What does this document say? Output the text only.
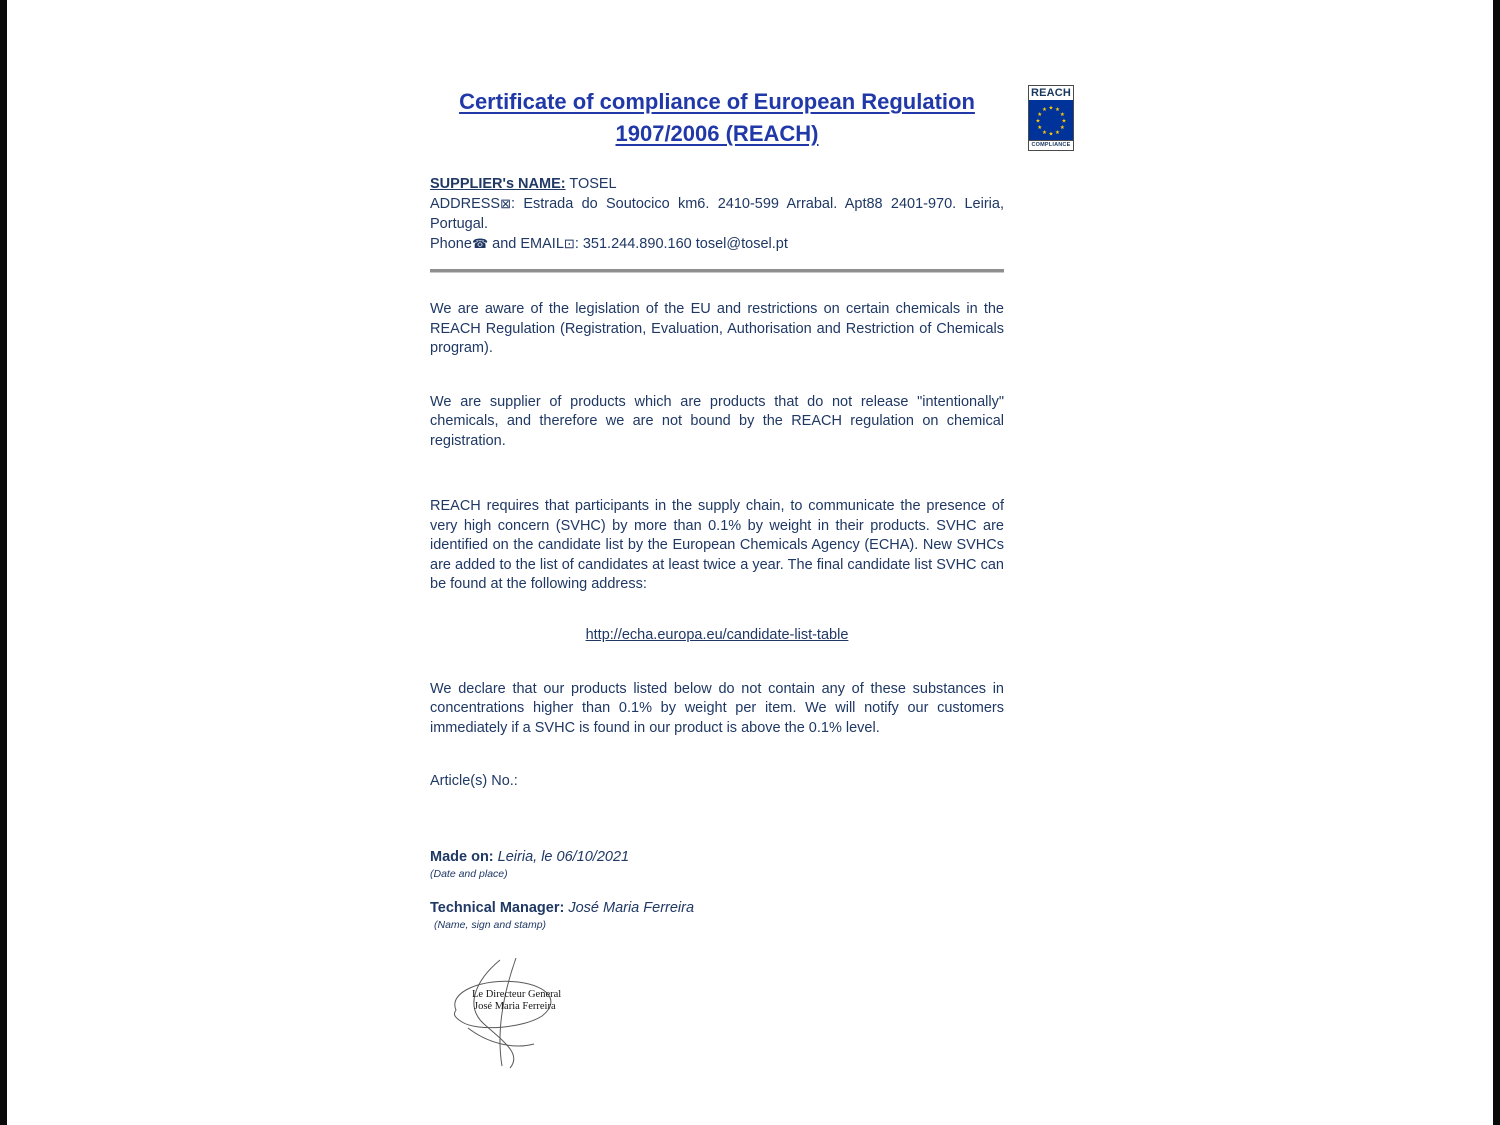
REACH
★ ★
★
★
★
★
★
★
★
★
★
★
COMPLIANCE
Certificate of compliance of European Regulation
1907/2006 (REACH)

SUPPLIER's NAME: TOSEL

ADDRESS⊠: Estrada do Soutocico km6. 2410-599 Arrabal. Apt88 2401-970. Leiria, Portugal.

Phone☎ and EMAIL⊡: 351.244.890.160 tosel@tosel.pt

We are aware of the legislation of the EU and restrictions on certain chemicals in the REACH Regulation (Registration, Evaluation, Authorisation and Restriction of Chemicals program).

We are supplier of products which are products that do not release "intentionally" chemicals, and therefore we are not bound by the REACH regulation on chemical registration.

REACH requires that participants in the supply chain, to communicate the presence of very high concern (SVHC) by more than 0.1% by weight in their products. SVHC are identified on the candidate list by the European Chemicals Agency (ECHA). New SVHCs are added to the list of candidates at least twice a year. The final candidate list SVHC can be found at the following address:

http://echa.europa.eu/candidate-list-table

We declare that our products listed below do not contain any of these substances in concentrations higher than 0.1% by weight per item. We will notify our customers immediately if a SVHC is found in our product is above the 0.1% level.

Article(s) No.:

Made on: Leiria, le 06/10/2021

(Date and place)

Technical Manager: José Maria Ferreira

(Name, sign and stamp)

Le Directeur General
José Maria Ferreira
